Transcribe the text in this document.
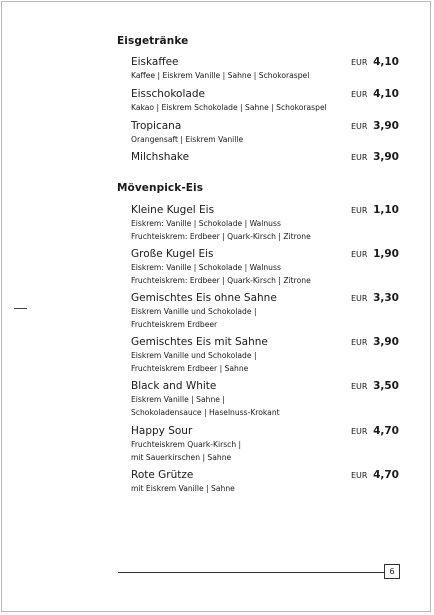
Eisgetränke
Eiskaffee
Kaffee | Eiskrem Vanille | Sahne | Schokoraspel
EUR 4,10
Eisschokolade
Kakao | Eiskrem Schokolade | Sahne | Schokoraspel
EUR 4,10
Tropicana
Orangensaft | Eiskrem Vanille
EUR 3,90
Milchshake	EUR 3,90
Mövenpick-Eis
Kleine Kugel Eis
Eiskrem: Vanille | Schokolade | Walnuss
Fruchteiskrem: Erdbeer | Quark-Kirsch | Zitrone
EUR 1,10
Große Kugel Eis
Eiskrem: Vanille | Schokolade | Walnuss
Fruchteiskrem: Erdbeer | Quark-Kirsch | Zitrone
EUR 1,90
Gemischtes Eis ohne Sahne
Eiskrem Vanille und Schokolade |
Fruchteiskrem Erdbeer
EUR 3,30
Gemischtes Eis mit Sahne
Eiskrem Vanille und Schokolade |
Fruchteiskrem Erdbeer | Sahne
EUR 3,90
Black and White
Eiskrem Vanille | Sahne |
Schokoladensauce | Haselnuss-Krokant
EUR 3,50
Happy Sour
Fruchteiskrem Quark-Kirsch |
mit Sauerkirschen | Sahne
EUR 4,70
Rote Grütze
mit Eiskrem Vanille | Sahne
EUR 4,70
6
